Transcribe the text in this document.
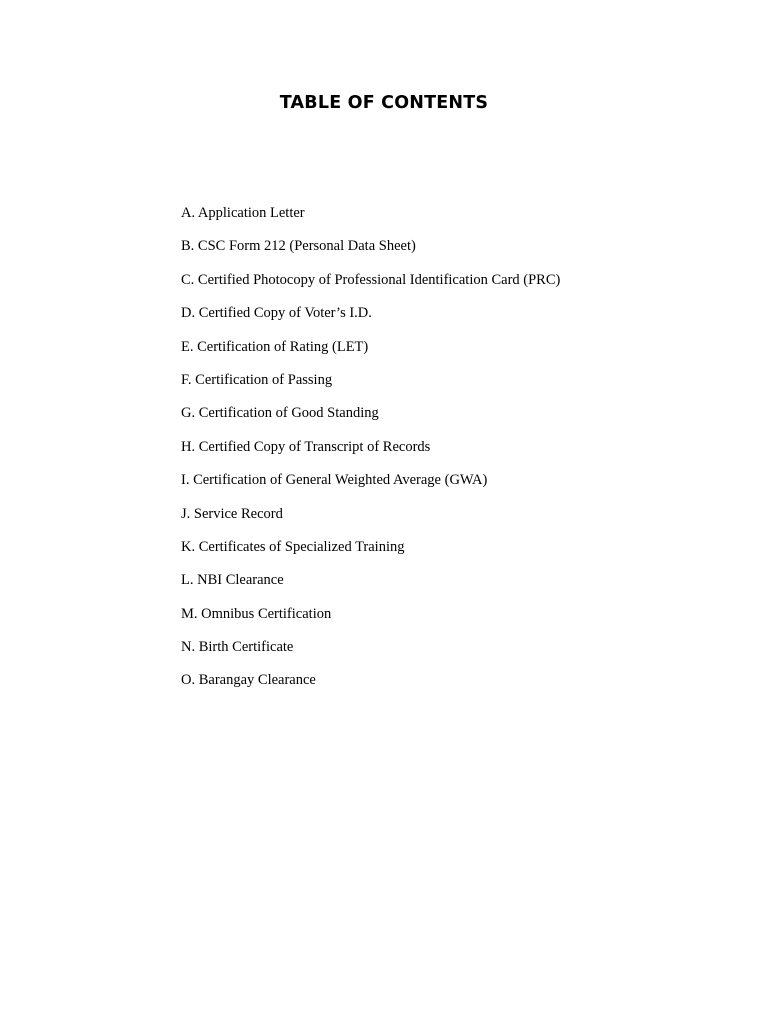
TABLE OF CONTENTS
A. Application Letter
B. CSC Form 212 (Personal Data Sheet)
C. Certified Photocopy of Professional Identification Card (PRC)
D. Certified Copy of Voter’s I.D.
E. Certification of Rating (LET)
F. Certification of Passing
G. Certification of Good Standing
H. Certified Copy of Transcript of Records
I. Certification of General Weighted Average (GWA)
J. Service Record
K. Certificates of Specialized Training
L. NBI Clearance
M. Omnibus Certification
N. Birth Certificate
O. Barangay Clearance
